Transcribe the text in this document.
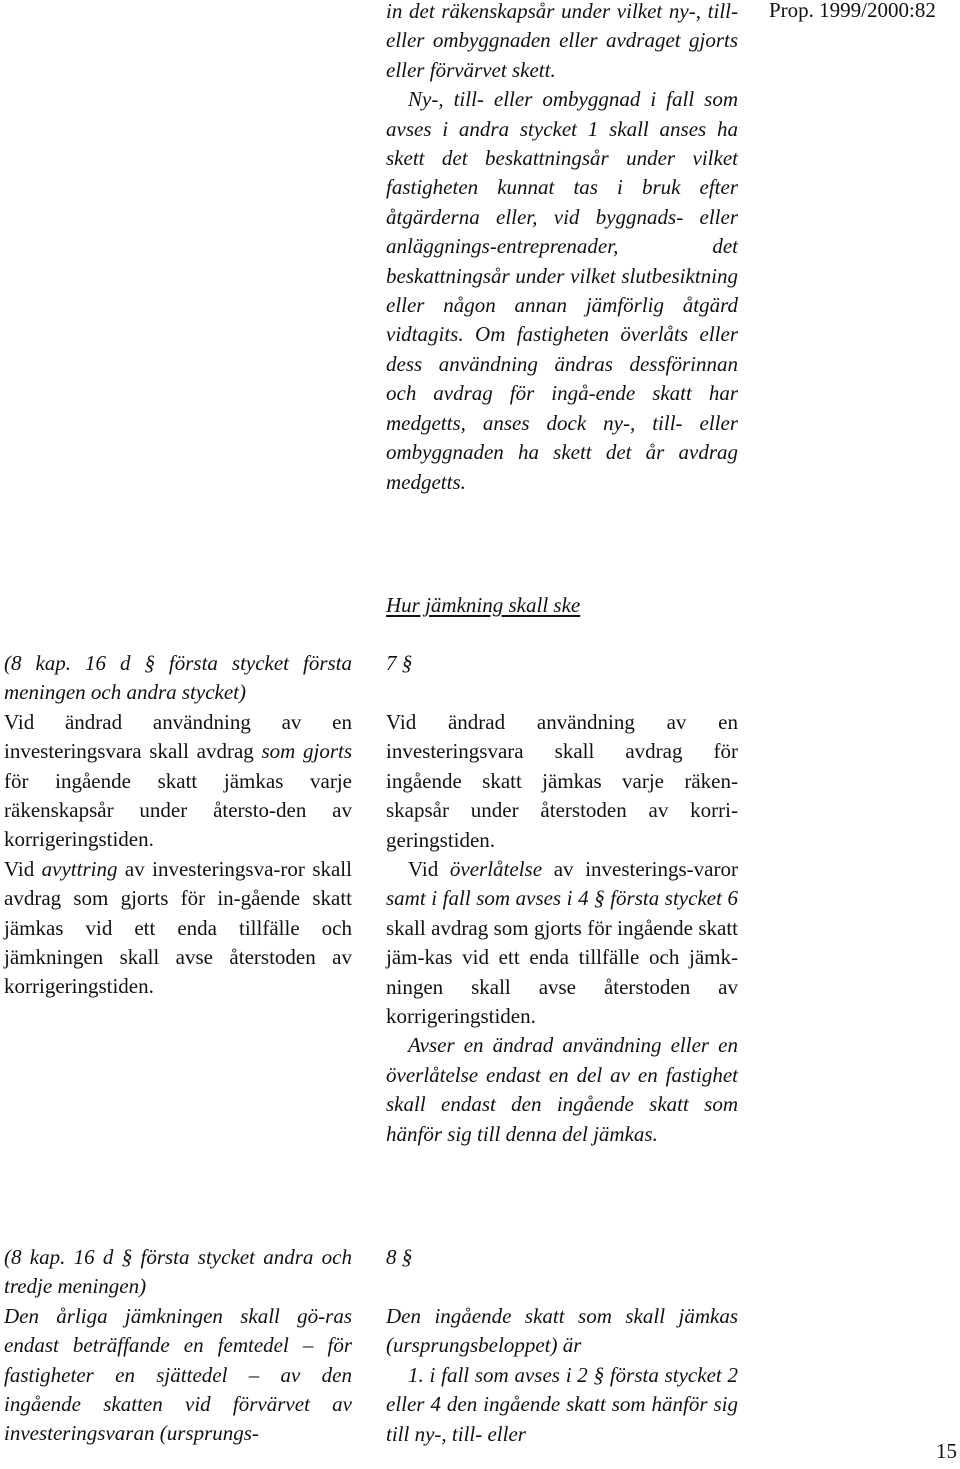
Prop. 1999/2000:82

in det räkenskapsår under vilket ny-, till- eller ombyggnaden eller avdraget gjorts eller förvärvet skett.

Ny-, till- eller ombyggnad i fall som avses i andra stycket 1 skall anses ha skett det beskattningsår under vilket fastigheten kunnat tas i bruk efter åtgärderna eller, vid byggnads- eller anläggnings-entreprenader, det beskattningsår under vilket slutbesiktning eller någon annan jämförlig åtgärd vidtagits. Om fastigheten överlåts eller dess användning ändras dessförinnan och avdrag för ingå-ende skatt har medgetts, anses dock ny-, till- eller ombyggnaden ha skett det år avdrag medgetts.

Hur jämkning skall ske

(8 kap. 16 d § första stycket första meningen och andra stycket)

Vid ändrad användning av en investeringsvara skall avdrag som gjorts för ingående skatt jämkas varje räkenskapsår under återsto-den av korrigeringstiden.

Vid avyttring av investeringsva-ror skall avdrag som gjorts för in-gående skatt jämkas vid ett enda tillfälle och jämkningen skall avse återstoden av korrigeringstiden.

7 §

Vid ändrad användning av en investeringsvara skall avdrag för ingående skatt jämkas varje räken-skapsår under återstoden av korri-geringstiden.

Vid överlåtelse av investerings-varor samt i fall som avses i 4 § första stycket 6 skall avdrag som gjorts för ingående skatt jäm-kas vid ett enda tillfälle och jämk-ningen skall avse återstoden av korrigeringstiden.

Avser en ändrad användning eller en överlåtelse endast en del av en fastighet skall endast den ingående skatt som hänför sig till denna del jämkas.

(8 kap. 16 d § första stycket andra och tredje meningen)

Den årliga jämkningen skall gö-ras endast beträffande en femtedel – för fastigheter en sjättedel – av den ingående skatten vid förvärvet av investeringsvaran (ursprungs-

8 §

Den ingående skatt som skall jämkas (ursprungsbeloppet) är

1. i fall som avses i 2 § första stycket 2 eller 4 den ingående skatt som hänför sig till ny-, till- eller

15
